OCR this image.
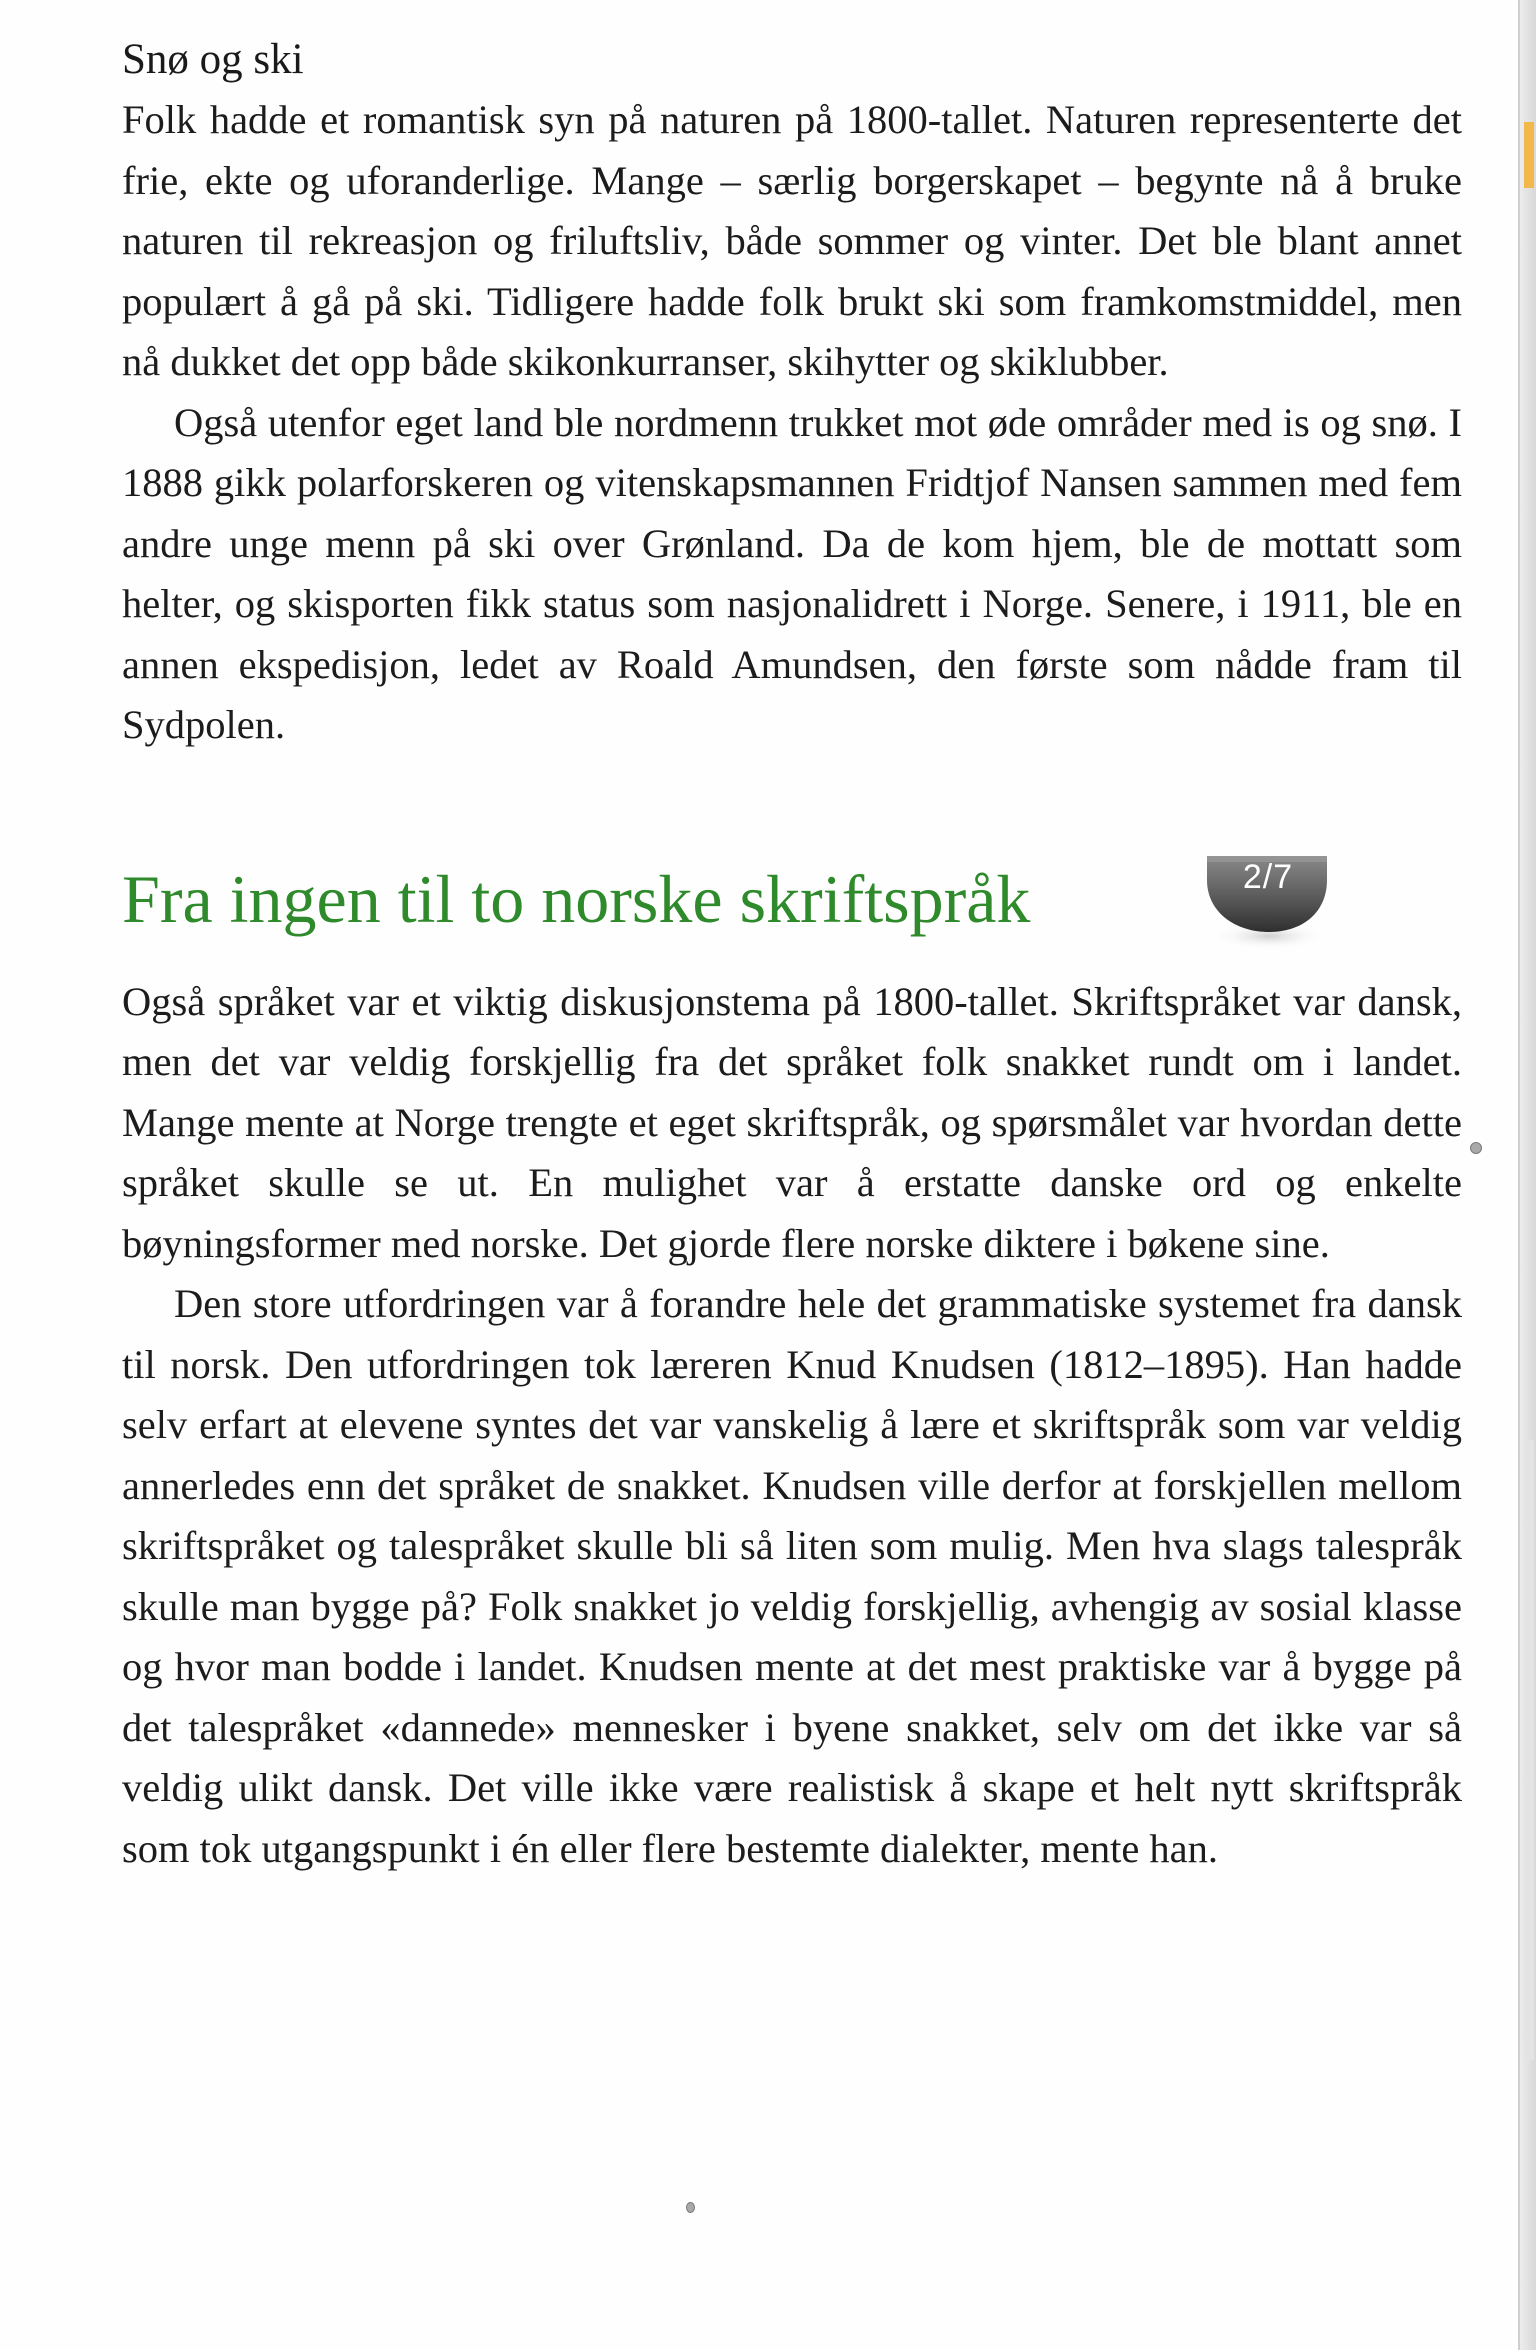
Snø og ski

Folk hadde et romantisk syn på naturen på 1800-tallet. Naturen representerte det frie, ekte og uforanderlige. Mange – særlig borgerskapet – begynte nå å bruke naturen til rekreasjon og friluftsliv, både sommer og vinter. Det ble blant annet populært å gå på ski. Tidligere hadde folk brukt ski som framkomstmiddel, men nå dukket det opp både skikonkurranser, skihytter og skiklubber.

Også utenfor eget land ble nordmenn trukket mot øde områder med is og snø. I 1888 gikk polarforskeren og vitenskapsmannen Fridtjof Nansen sammen med fem andre unge menn på ski over Grønland. Da de kom hjem, ble de mottatt som helter, og skisporten fikk status som nasjonalidrett i Norge. Senere, i 1911, ble en annen ekspedisjon, ledet av Roald Amundsen, den første som nådde fram til Sydpolen.

Fra ingen til to norske skriftspråk	2/7

Også språket var et viktig diskusjonstema på 1800-tallet. Skriftspråket var dansk, men det var veldig forskjellig fra det språket folk snakket rundt om i landet. Mange mente at Norge trengte et eget skriftspråk, og spørsmålet var hvordan dette språket skulle se ut. En mulighet var å erstatte danske ord og enkelte bøyningsformer med norske. Det gjorde flere norske diktere i bøkene sine.

Den store utfordringen var å forandre hele det grammatiske systemet fra dansk til norsk. Den utfordringen tok læreren Knud Knudsen (1812–1895). Han hadde selv erfart at elevene syntes det var vanskelig å lære et skriftspråk som var veldig annerledes enn det språket de snakket. Knudsen ville derfor at forskjellen mellom skriftspråket og talespråket skulle bli så liten som mulig. Men hva slags talespråk skulle man bygge på? Folk snakket jo veldig forskjellig, avhengig av sosial klasse og hvor man bodde i landet. Knudsen mente at det mest praktiske var å bygge på det talespråket «dannede» mennesker i byene snakket, selv om det ikke var så veldig ulikt dansk. Det ville ikke være realistisk å skape et helt nytt skriftspråk som tok utgangspunkt i én eller flere bestemte dialekter, mente han.
